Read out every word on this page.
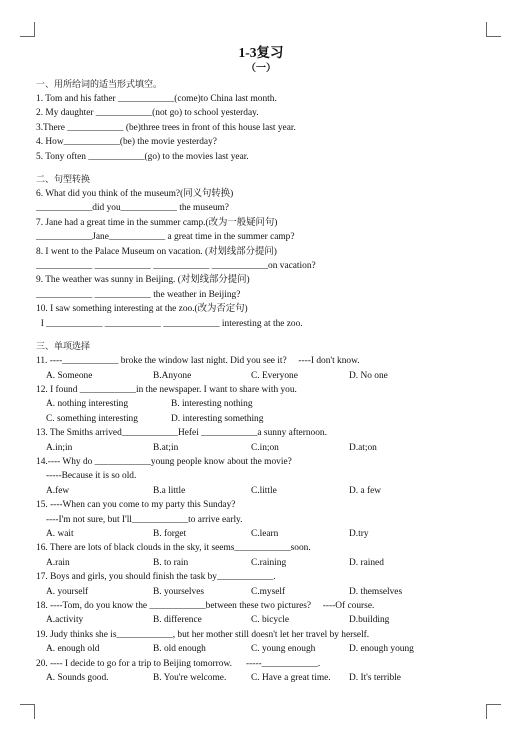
1-3复习
（一）
一、用所给词的适当形式填空。
1. Tom and his father ____________(come)to China last month.
2. My daughter ____________(not go) to school yesterday.
3.There ____________ (be)three trees in front of this house last year.
4. How____________(be) the movie yesterday?
5. Tony often ____________(go) to the movies last year.
二、句型转换
6. What did you think of the museum?(同义句转换)
____________did you____________ the museum?
7. Jane had a great time in the summer camp.(改为一般疑问句)
____________Jane____________ a great time in the summer camp?
8. I went to the Palace Museum on vacation. (对划线部分提问)
____________ ____________ ____________ ____________on vacation?
9. The weather was sunny in Beijing. (对划线部分提问)
____________ ____________ the weather in Beijing?
10. I saw something interesting at the zoo.(改为否定句)
I ____________ ____________ ____________ interesting at the zoo.
三、单项选择
11. ----____________ broke the window last night. Did you see it?     ----I don't know.
A. Someone	B.Anyone	C. Everyone	D. No one
12. I found ____________in the newspaper. I want to share with you.
A. nothing interesting	B. interesting nothing
C. something interesting	D. interesting something
13. The Smiths arrived____________Hefei ____________a sunny afternoon.
A.in;in	B.at;in	C.in;on	D.at;on
14.---- Why do ____________young people know about the movie?
-----Because it is so old.
A.few	B.a little	C.little	D. a few
15. ----When can you come to my party this Sunday?
----I'm not sure, but I'll____________to arrive early.
A. wait	B. forget	C.learn	D.try
16. There are lots of black clouds in the sky, it seems____________soon.
A.rain	B. to rain	C.raining	D. rained
17. Boys and girls, you should finish the task by____________.
A. yourself	B. yourselves	C.myself	D. themselves
18. ----Tom, do you know the ____________between these two pictures?     ----Of course.
A.activity	B. difference	C. bicycle	D.building
19. Judy thinks she is____________, but her mother still doesn't let her travel by herself.
A. enough old	B. old enough	C. young enough	D. enough young
20. ---- I decide to go for a trip to Beijing tomorrow.      -----____________.
A. Sounds good.	B. You're welcome.	C. Have a great time.	D. It's terrible
